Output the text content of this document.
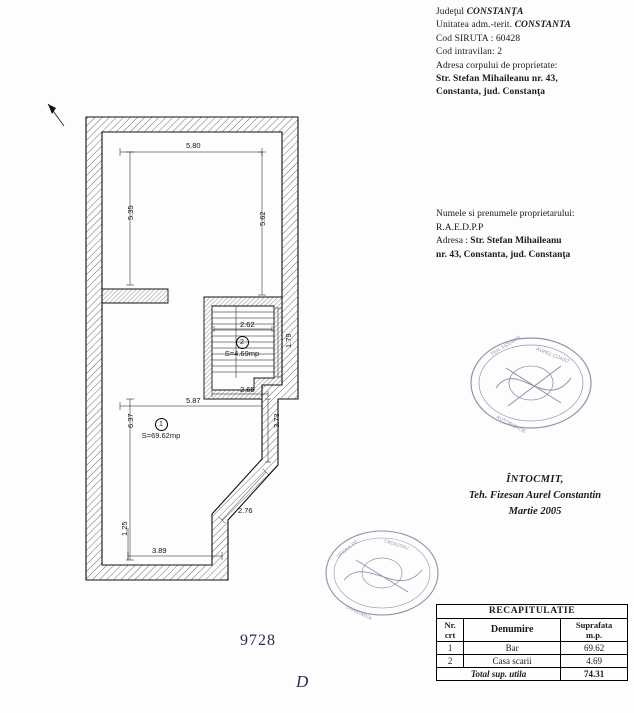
5.80
5.35	5.62
2.62
1.79
2.65
5.87
6.37	3.73
2.76
3.89
1.25
1
S=69.62mp
2
S=4.69mp
Judeţul CONSTANŢA
Unitatea adm.-terit. CONSTANTA
Cod SIRUTA : 60428
Cod intravilan: 2
Adresa corpului de proprietate:
Str. Stefan Mihaileanu nr. 43,
Constanta, jud. Constanţa
Numele si prenumele proprietarului:
R.A.E.D.P.P
Adresa : Str. Stefan Mihaileanu
nr. 43, Constanta, jud. Constanţa
ÎNTOCMIT,
Teh. Fizesan Aurel Constantin
Martie 2005
RECAPITULATIE		
Nr.
crt	Denumire	Suprafata
m.p.
1	Bar	69.62
2	Casa scarii	4.69
Total sup. utila		74.31
TEH. FIZESAN	AUREL CONST.
AUTORIZATIE
OFICIUL DE	CADASTRU
CONSTANTA
9728
D
